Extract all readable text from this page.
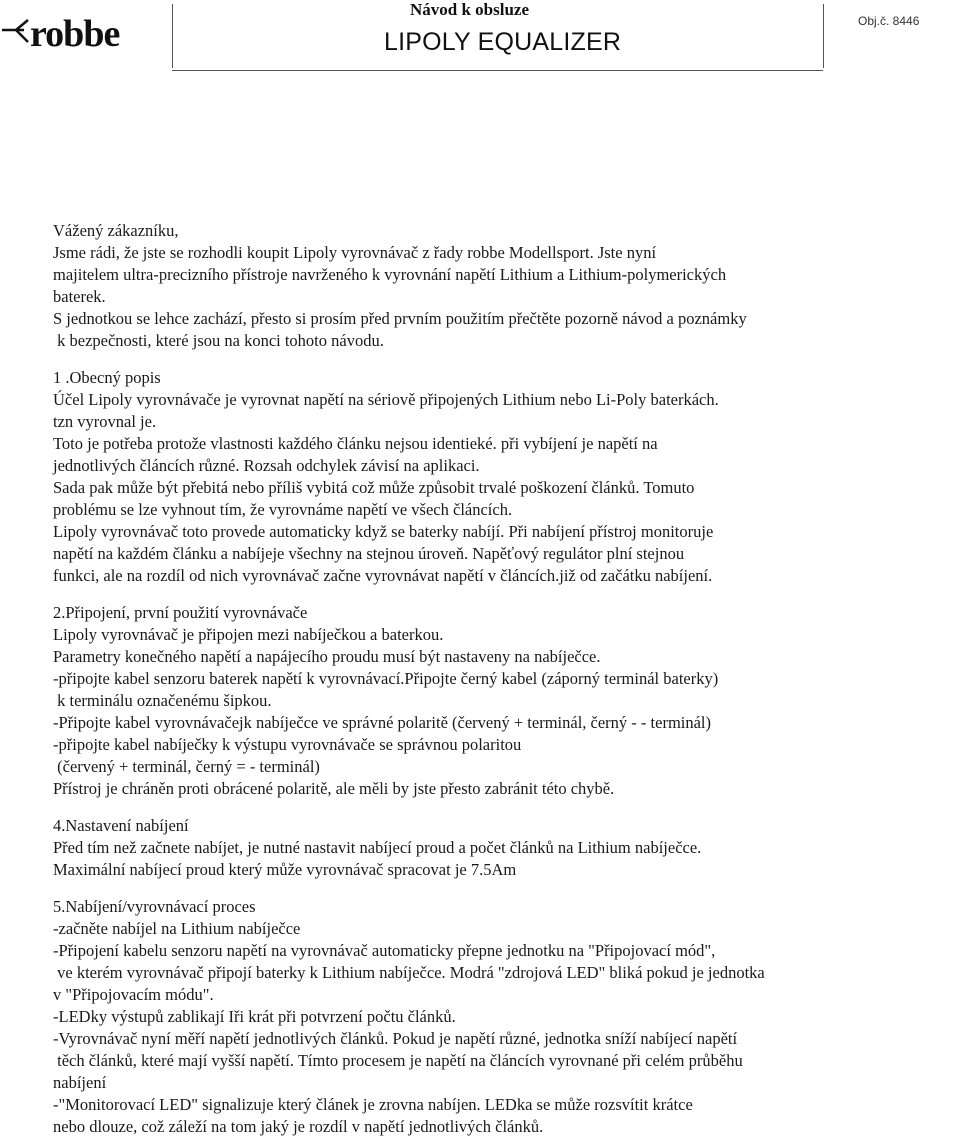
robbe
Návod k obsluze
LIPOLY EQUALIZER
Obj.č. 8446

Vážený zákazníku,

Jsme rádi, že jste se rozhodli koupit Lipoly vyrovnávač z řady robbe Modellsport. Jste nyní

majitelem ultra-precizního přístroje navrženého k vyrovnání napětí Lithium a Lithium-polymerických

baterek.

S jednotkou se lehce zachází, přesto si prosím před prvním použitím přečtěte pozorně návod a poznámky

k bezpečnosti, které jsou na konci tohoto návodu.

1 .Obecný popis

Účel Lipoly vyrovnávače je vyrovnat napětí na sériově připojených Lithium nebo Li-Poly baterkách.

tzn vyrovnal je.

Toto je potřeba protože vlastnosti každého článku nejsou identieké. při vybíjení je napětí na

jednotlivých článcích různé. Rozsah odchylek závisí na aplikaci.

Sada pak může být přebitá nebo příliš vybitá což může způsobit trvalé poškození článků. Tomuto

problému se lze vyhnout tím, že vyrovnáme napětí ve všech článcích.

Lipoly vyrovnávač toto provede automaticky když se baterky nabíjí. Při nabíjení přístroj monitoruje

napětí na každém článku a nabíjeje všechny na stejnou úroveň. Napěťový regulátor plní stejnou

funkci, ale na rozdíl od nich vyrovnávač začne vyrovnávat napětí v článcích.již od začátku nabíjení.

2.Připojení, první použití vyrovnávače

Lipoly vyrovnávač je připojen mezi nabíječkou a baterkou.

Parametry konečného napětí a napájecího proudu musí být nastaveny na nabíječce.

-připojte kabel senzoru baterek napětí k vyrovnávací.Připojte černý kabel (záporný terminál baterky)

k terminálu označenému šipkou.

-Připojte kabel vyrovnávačejk nabíječce ve správné polaritě (červený + terminál, černý - - terminál)

-připojte kabel nabíječky k výstupu vyrovnávače se správnou polaritou

(červený + terminál, černý = - terminál)

Přístroj je chráněn proti obrácené polaritě, ale měli by jste přesto zabránit této chybě.

4.Nastavení nabíjení

Před tím než začnete nabíjet, je nutné nastavit nabíjecí proud a počet článků na Lithium nabíječce.

Maximální nabíjecí proud který může vyrovnávač spracovat je 7.5Am

5.Nabíjení/vyrovnávací proces

-začněte nabíjel na Lithium nabíječce

-Připojení kabelu senzoru napětí na vyrovnávač automaticky přepne jednotku na "Připojovací mód",

ve kterém vyrovnávač připojí baterky k Lithium nabíječce. Modrá "zdrojová LED" bliká pokud je jednotka

v "Připojovacím módu".

-LEDky výstupů zablikají Iři krát při potvrzení počtu článků.

-Vyrovnávač nyní měří napětí jednotlivých článků. Pokud je napětí různé, jednotka sníží nabíjecí napětí

těch článků, které mají vyšší napětí. Tímto procesem je napětí na článcích vyrovnané při celém průběhu

nabíjení

-"Monitorovací LED" signalizuje který článek je zrovna nabíjen. LEDka se může rozsvítit krátce

nebo dlouze, což záleží na tom jaký je rozdíl v napětí jednotlivých článků.
